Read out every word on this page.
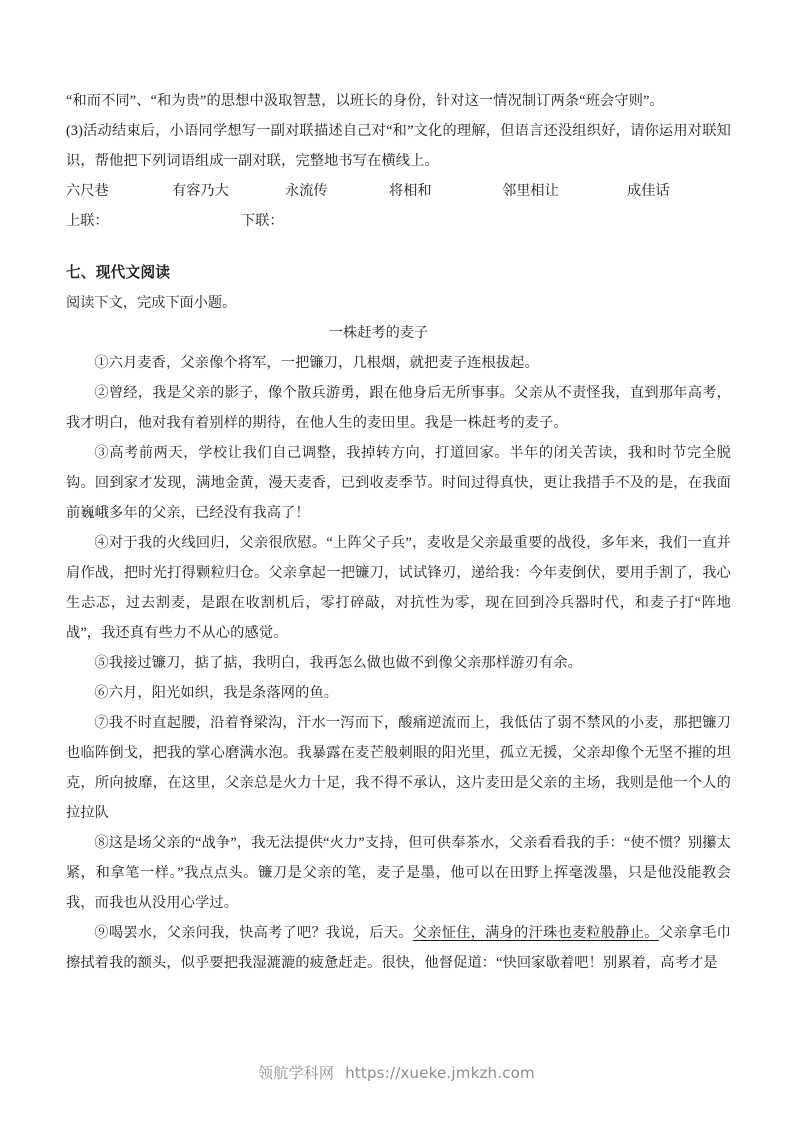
“和而不同”、“和为贵”的思想中汲取智慧，以班长的身份，针对这一情况制订两条“班会守则”。
(3)活动结束后，小语同学想写一副对联描述自己对“和”文化的理解，但语言还没组织好，请你运用对联知识，帮他把下列词语组成一副对联，完整地书写在横线上。
六尺巷	有容乃大	永流传	将相和	邻里相让	成佳话
上联：	下联：
七、现代文阅读
阅读下文，完成下面小题。
一株赶考的麦子

①六月麦香，父亲像个将军，一把镰刀，几根烟，就把麦子连根拔起。

②曾经，我是父亲的影子，像个散兵游勇，跟在他身后无所事事。父亲从不责怪我，直到那年高考，我才明白，他对我有着别样的期待，在他人生的麦田里。我是一株赶考的麦子。

③高考前两天，学校让我们自己调整，我掉转方向，打道回家。半年的闭关苦读，我和时节完全脱钩。回到家才发现，满地金黄，漫天麦香，已到收麦季节。时间过得真快，更让我措手不及的是，在我面前巍峨多年的父亲，已经没有我高了！

④对于我的火线回归，父亲很欣慰。“上阵父子兵”，麦收是父亲最重要的战役，多年来，我们一直并肩作战，把时光打得颗粒归仓。父亲拿起一把镰刀，试试锋刃，递给我：今年麦倒伏，要用手割了，我心生忐忑，过去割麦，是跟在收割机后，零打碎敲，对抗性为零，现在回到冷兵器时代，和麦子打“阵地战”，我还真有些力不从心的感觉。

⑤我接过镰刀，掂了掂，我明白，我再怎么做也做不到像父亲那样游刃有余。

⑥六月，阳光如织，我是条落网的鱼。

⑦我不时直起腰，沿着脊梁沟，汗水一泻而下，酸痛逆流而上，我低估了弱不禁风的小麦，那把镰刀也临阵倒戈，把我的掌心磨满水泡。我暴露在麦芒般刺眼的阳光里，孤立无援，父亲却像个无坚不摧的坦克，所向披靡，在这里，父亲总是火力十足，我不得不承认，这片麦田是父亲的主场，我则是他一个人的拉拉队

⑧这是场父亲的“战争”，我无法提供“火力”支持，但可供奉茶水，父亲看看我的手：“使不惯？别攥太紧，和拿笔一样。”我点点头。镰刀是父亲的笔，麦子是墨，他可以在田野上挥毫泼墨，只是他没能教会我，而我也从没用心学过。

⑨喝罢水，父亲问我，快高考了吧？我说，后天。父亲怔住，满身的汗珠也麦粒般静止。父亲拿毛巾擦拭着我的额头，似乎要把我湿漉漉的疲惫赶走。很快，他督促道：“快回家歇着吧！别累着，高考才是

领航学科网 https://xueke.jmkzh.com
